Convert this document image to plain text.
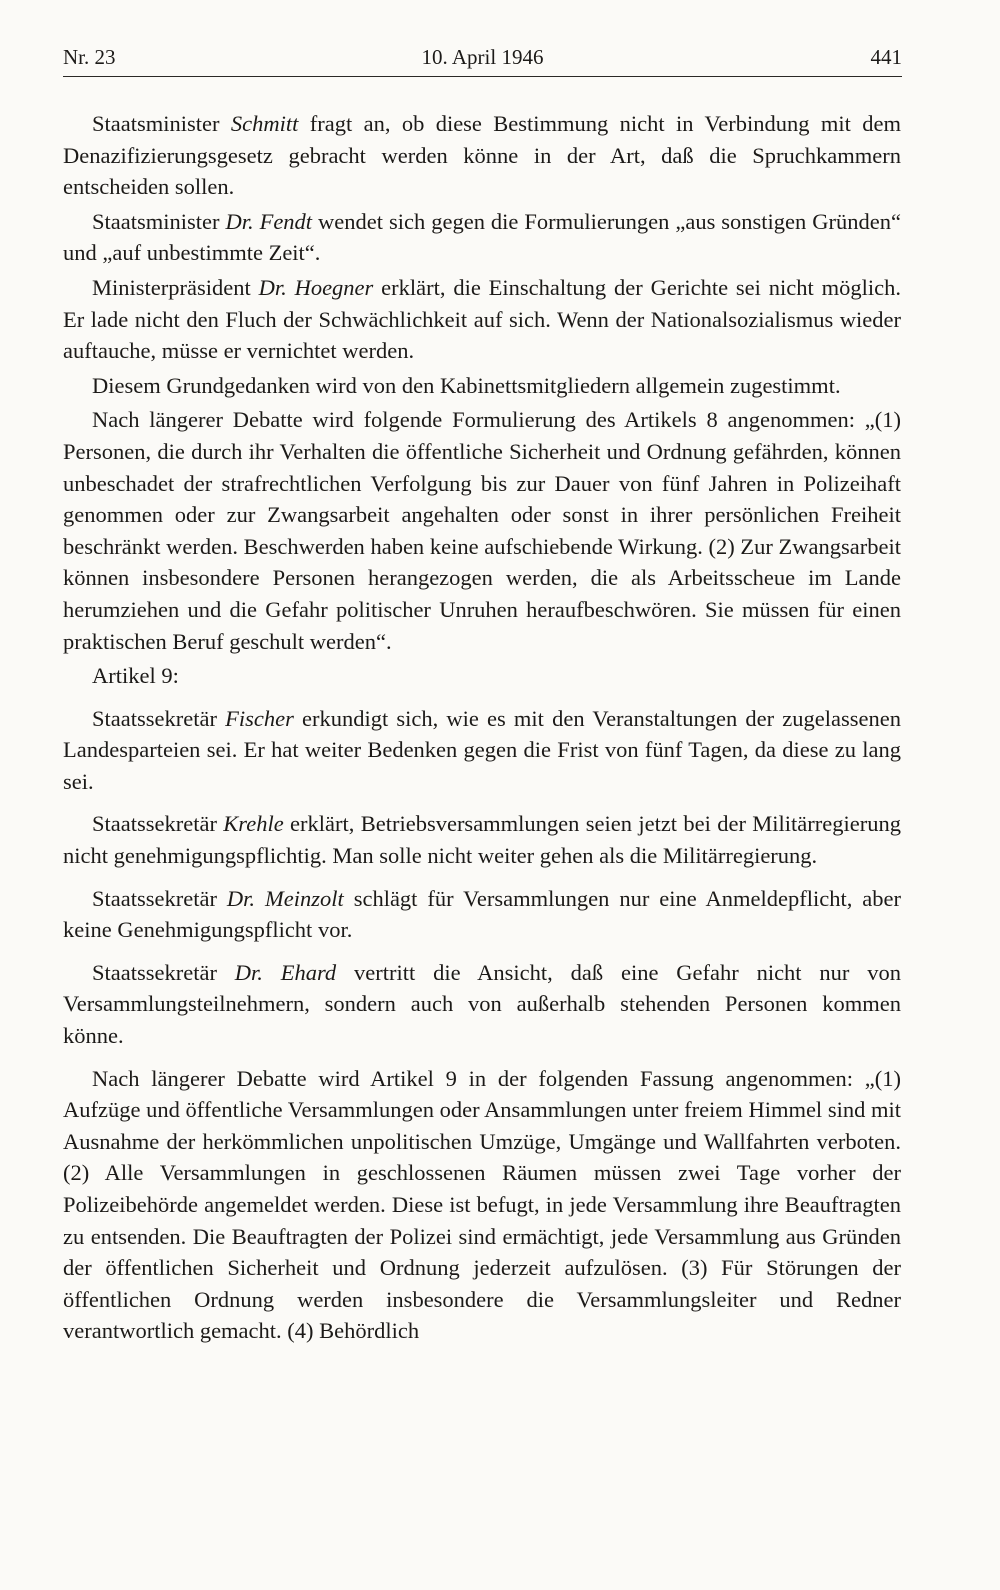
Nr. 23	10. April 1946	441

Staatsminister Schmitt fragt an, ob diese Bestimmung nicht in Verbindung mit dem Denazifizierungsgesetz gebracht werden könne in der Art, daß die Spruchkammern entscheiden sollen.

Staatsminister Dr. Fendt wendet sich gegen die Formulierungen „aus sonstigen Gründen“ und „auf unbestimmte Zeit“.

Ministerpräsident Dr. Hoegner erklärt, die Einschaltung der Gerichte sei nicht möglich. Er lade nicht den Fluch der Schwächlichkeit auf sich. Wenn der Nationalsozialismus wieder auftauche, müsse er vernichtet werden.

Diesem Grundgedanken wird von den Kabinettsmitgliedern allgemein zugestimmt.

Nach längerer Debatte wird folgende Formulierung des Artikels 8 angenommen: „(1) Personen, die durch ihr Verhalten die öffentliche Sicherheit und Ordnung gefährden, können unbeschadet der strafrechtlichen Verfolgung bis zur Dauer von fünf Jahren in Polizeihaft genommen oder zur Zwangsarbeit angehalten oder sonst in ihrer persönlichen Freiheit beschränkt werden. Beschwerden haben keine aufschiebende Wirkung. (2) Zur Zwangsarbeit können insbesondere Personen herangezogen werden, die als Arbeitsscheue im Lande herumziehen und die Gefahr politischer Unruhen heraufbeschwören. Sie müssen für einen praktischen Beruf geschult werden“.

Artikel 9:

Staatssekretär Fischer erkundigt sich, wie es mit den Veranstaltungen der zugelassenen Landesparteien sei. Er hat weiter Bedenken gegen die Frist von fünf Tagen, da diese zu lang sei.

Staatssekretär Krehle erklärt, Betriebsversammlungen seien jetzt bei der Militärregierung nicht genehmigungspflichtig. Man solle nicht weiter gehen als die Militärregierung.

Staatssekretär Dr. Meinzolt schlägt für Versammlungen nur eine Anmeldepflicht, aber keine Genehmigungspflicht vor.

Staatssekretär Dr. Ehard vertritt die Ansicht, daß eine Gefahr nicht nur von Versammlungsteilnehmern, sondern auch von außerhalb stehenden Personen kommen könne.

Nach längerer Debatte wird Artikel 9 in der folgenden Fassung angenommen: „(1) Aufzüge und öffentliche Versammlungen oder Ansammlungen unter freiem Himmel sind mit Ausnahme der herkömmlichen unpolitischen Umzüge, Umgänge und Wallfahrten verboten. (2) Alle Versammlungen in geschlossenen Räumen müssen zwei Tage vorher der Polizeibehörde angemeldet werden. Diese ist befugt, in jede Versammlung ihre Beauftragten zu entsenden. Die Beauftragten der Polizei sind ermächtigt, jede Versammlung aus Gründen der öffentlichen Sicherheit und Ordnung jederzeit aufzulösen. (3) Für Störungen der öffentlichen Ordnung werden insbesondere die Versammlungsleiter und Redner verantwortlich gemacht. (4) Behördlich
